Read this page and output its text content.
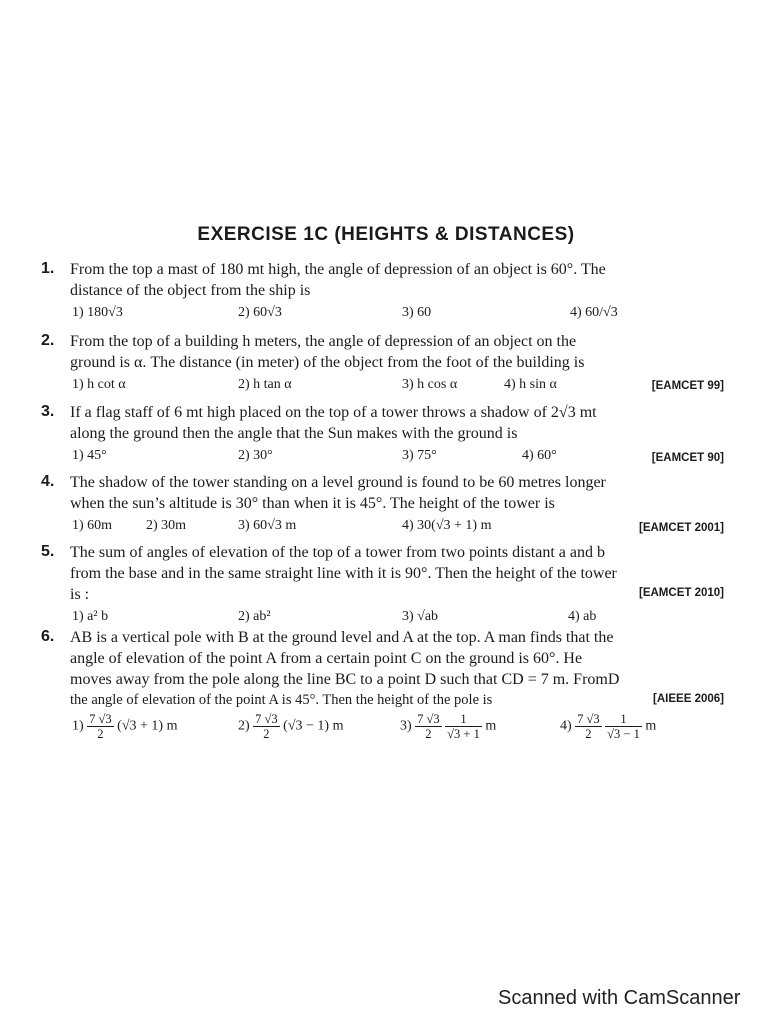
EXERCISE 1C (HEIGHTS & DISTANCES)
1. From the top a mast of 180 mt high, the angle of depression of an object is 60°. The
distance of the object from the ship is
1) 180√3	2) 60√3	3) 60	4) 60/√3
2. From the top of a building h meters, the angle of depression of an object on the
ground is α. The distance (in meter) of the object from the foot of the building is
1) h cot α	2) h tan α	3) h cos α	4) h sin α	[EAMCET 99]
3. If a flag staff of 6 mt high placed on the top of a tower throws a shadow of 2√3 mt
along the ground then the angle that the Sun makes with the ground is
1) 45°	2) 30°	3) 75°	4) 60°	[EAMCET 90]
4. The shadow of the tower standing on a level ground is found to be 60 metres longer
when the sun’s altitude is 30° than when it is 45°. The height of the tower is
1) 60m 2) 30m	3) 60√3 m	4) 30(√3 + 1) m	[EAMCET 2001]
5. The sum of angles of elevation of the top of a tower from two points distant a and b
from the base and in the same straight line with it is 90°. Then the height of the tower
is :	[EAMCET 2010]
1) a² b	2) ab²	3) √ab	4) ab
6. AB is a vertical pole with B at the ground level and A at the top. A man finds that the
angle of elevation of the point A from a certain point C on the ground is 60°. He
moves away from the pole along the line BC to a point D such that CD = 7 m. FromD
the angle of elevation of the point A is 45°. Then the height of the pole is	[AIEEE 2006]
$1) \frac{7 √3}{2} (√3 + 1)$ m	$2) \frac{7 √3}{2} (√3 - 1)$ m	$3) \frac{7 √3}{2}$
$\frac{1}{√3 + 1}$ m	$4) \frac{7 √3}{2}$
$\frac{1}{√3 - 1}$ m
Scanned with CamScanner
